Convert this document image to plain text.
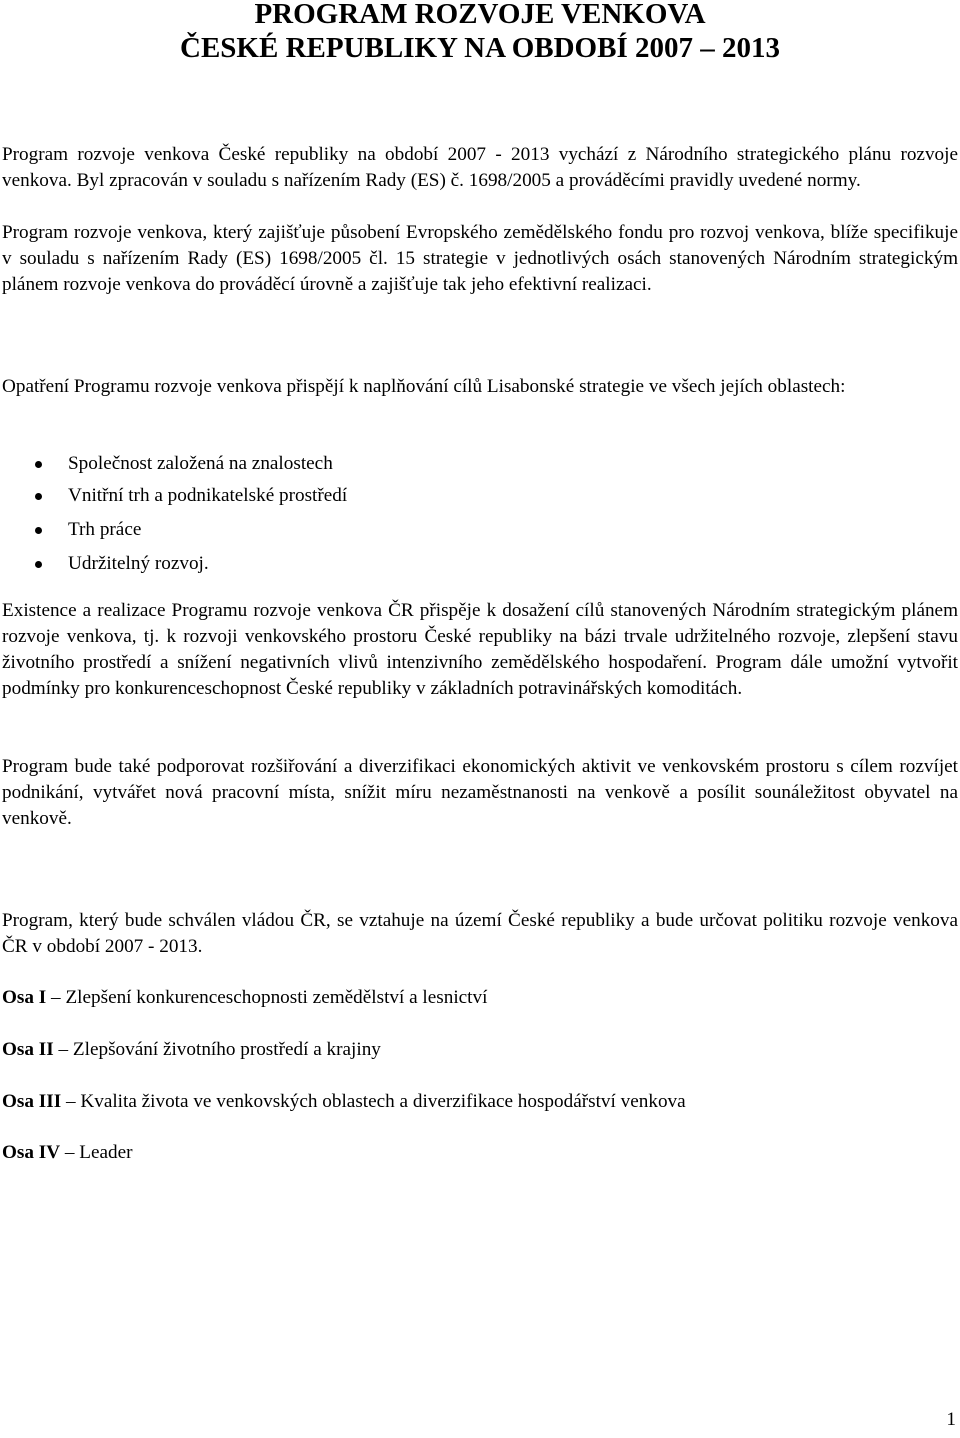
PROGRAM ROZVOJE VENKOVA
ČESKÉ REPUBLIKY NA OBDOBÍ 2007 – 2013

Program rozvoje venkova České republiky na období 2007 - 2013 vychází z Národního strategického plánu rozvoje venkova. Byl zpracován v souladu s nařízením Rady (ES) č. 1698/2005 a prováděcími pravidly uvedené normy.

Program rozvoje venkova, který zajišťuje působení Evropského zemědělského fondu pro rozvoj venkova, blíže specifikuje v souladu s nařízením Rady (ES) 1698/2005 čl. 15 strategie v jednotlivých osách stanovených Národním strategickým plánem rozvoje venkova do prováděcí úrovně a zajišťuje tak jeho efektivní realizaci.

Opatření Programu rozvoje venkova přispějí k naplňování cílů Lisabonské strategie ve všech jejích oblastech:

Společnost založená na znalostech
Vnitřní trh a podnikatelské prostředí
Trh práce
Udržitelný rozvoj.

Existence a realizace Programu rozvoje venkova ČR přispěje k dosažení cílů stanovených Národním strategickým plánem rozvoje venkova, tj. k rozvoji venkovského prostoru České republiky na bázi trvale udržitelného rozvoje, zlepšení stavu životního prostředí a snížení negativních vlivů intenzivního zemědělského hospodaření. Program dále umožní vytvořit podmínky pro konkurenceschopnost České republiky v základních potravinářských komoditách.

Program bude také podporovat rozšiřování a diverzifikaci ekonomických aktivit ve venkovském prostoru s cílem rozvíjet podnikání, vytvářet nová pracovní místa, snížit míru nezaměstnanosti na venkově a posílit sounáležitost obyvatel na venkově.

Program, který bude schválen vládou ČR, se vztahuje na území České republiky a bude určovat politiku rozvoje venkova ČR v období 2007 - 2013.

Osa I – Zlepšení konkurenceschopnosti zemědělství a lesnictví

Osa II – Zlepšování životního prostředí a krajiny

Osa III – Kvalita života ve venkovských oblastech a diverzifikace hospodářství venkova

Osa IV – Leader

1
